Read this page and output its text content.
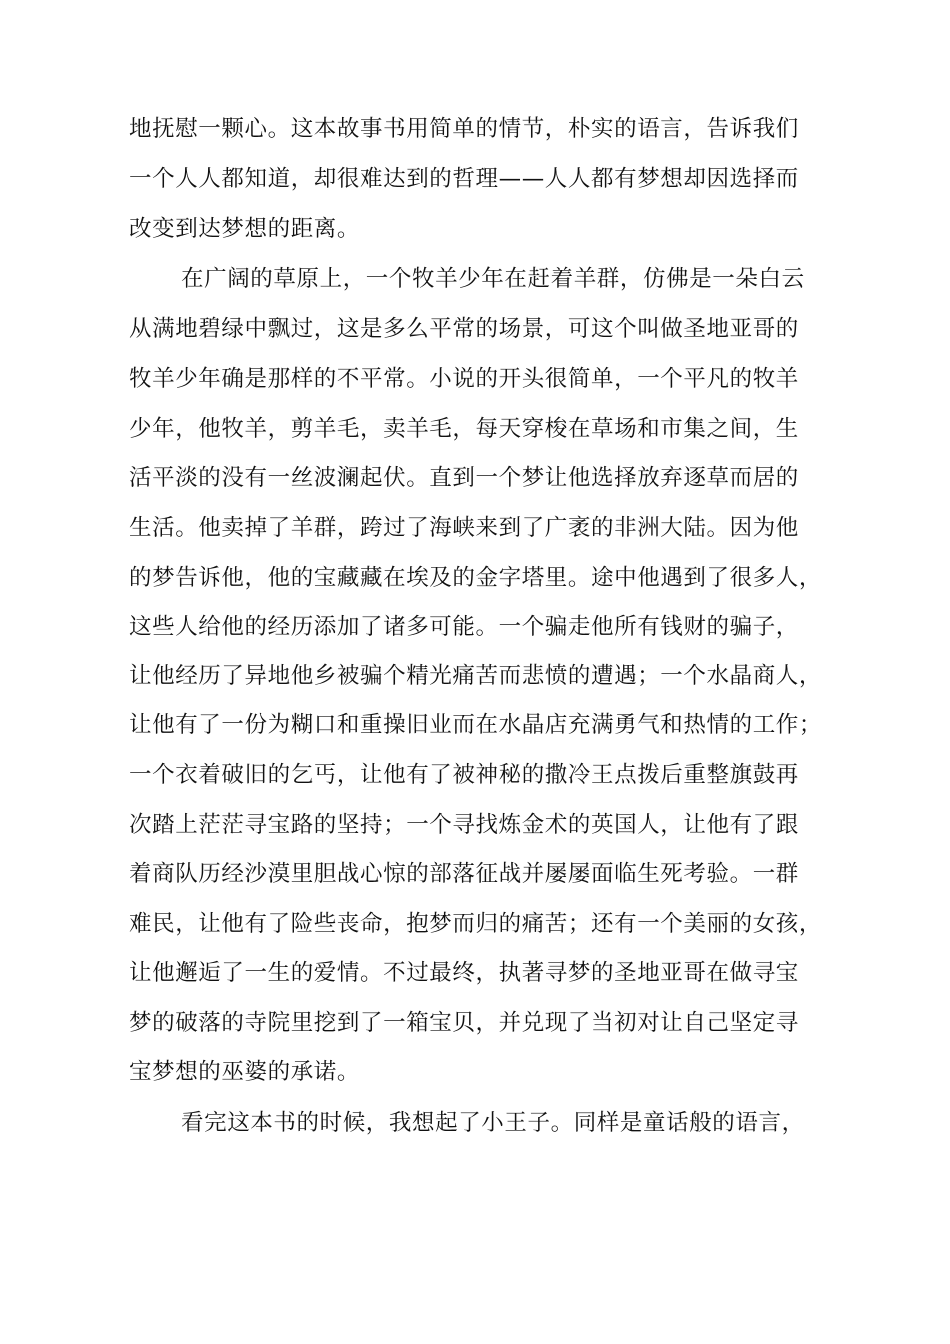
地抚慰一颗心。这本故事书用简单的情节，朴实的语言，告诉我们
一个人人都知道，却很难达到的哲理——人人都有梦想却因选择而
改变到达梦想的距离。
在广阔的草原上，一个牧羊少年在赶着羊群，仿佛是一朵白云
从满地碧绿中飘过，这是多么平常的场景，可这个叫做圣地亚哥的
牧羊少年确是那样的不平常。小说的开头很简单，一个平凡的牧羊
少年，他牧羊，剪羊毛，卖羊毛，每天穿梭在草场和市集之间，生
活平淡的没有一丝波澜起伏。直到一个梦让他选择放弃逐草而居的
生活。他卖掉了羊群，跨过了海峡来到了广袤的非洲大陆。因为他
的梦告诉他，他的宝藏藏在埃及的金字塔里。途中他遇到了很多人，
这些人给他的经历添加了诸多可能。一个骗走他所有钱财的骗子，
让他经历了异地他乡被骗个精光痛苦而悲愤的遭遇；一个水晶商人，
让他有了一份为糊口和重操旧业而在水晶店充满勇气和热情的工作；
一个衣着破旧的乞丐，让他有了被神秘的撒冷王点拨后重整旗鼓再
次踏上茫茫寻宝路的坚持；一个寻找炼金术的英国人，让他有了跟
着商队历经沙漠里胆战心惊的部落征战并屡屡面临生死考验。一群
难民，让他有了险些丧命，抱梦而归的痛苦；还有一个美丽的女孩，
让他邂逅了一生的爱情。不过最终，执著寻梦的圣地亚哥在做寻宝
梦的破落的寺院里挖到了一箱宝贝，并兑现了当初对让自己坚定寻
宝梦想的巫婆的承诺。
看完这本书的时候，我想起了小王子。同样是童话般的语言，
